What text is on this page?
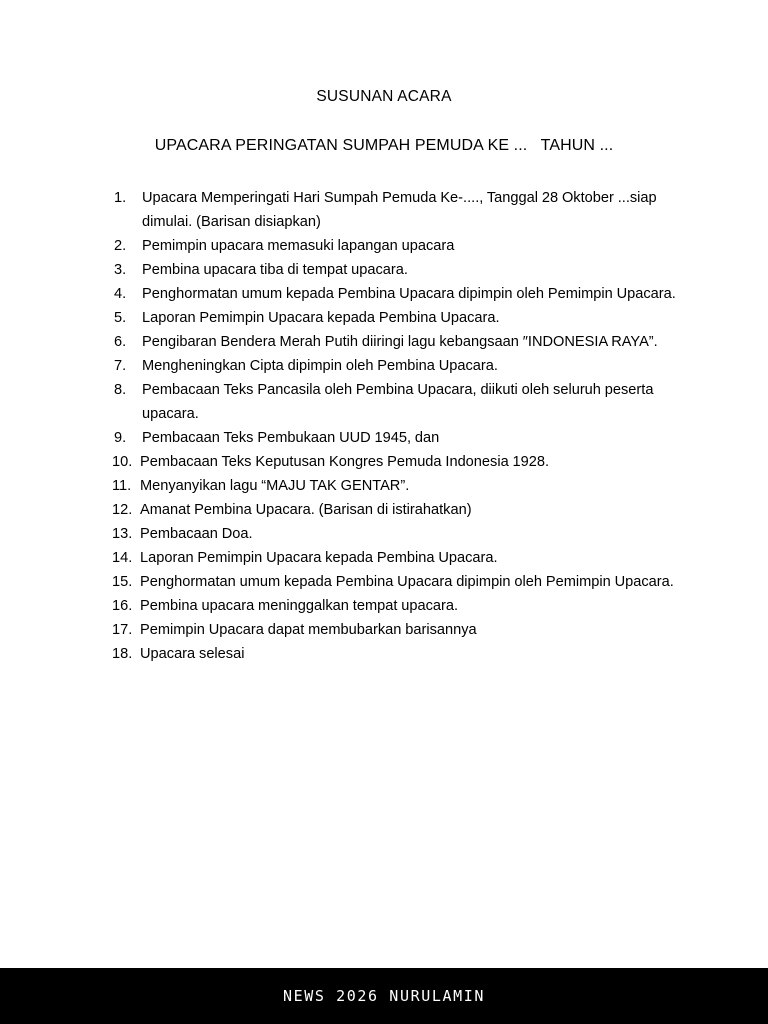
SUSUNAN ACARA
UPACARA PERINGATAN SUMPAH PEMUDA KE ...   TAHUN ...
1.	Upacara Memperingati Hari Sumpah Pemuda Ke-...., Tanggal 28 Oktober ...siap dimulai. (Barisan disiapkan)
2.	Pemimpin upacara memasuki lapangan upacara
3.	Pembina upacara tiba di tempat upacara.
4.	Penghormatan umum kepada Pembina Upacara dipimpin oleh Pemimpin Upacara.
5.	Laporan Pemimpin Upacara kepada Pembina Upacara.
6.	Pengibaran Bendera Merah Putih diiringi lagu kebangsaan ″INDONESIA RAYA”.
7.	Mengheningkan Cipta dipimpin oleh Pembina Upacara.
8.	Pembacaan Teks Pancasila oleh Pembina Upacara, diikuti oleh seluruh peserta upacara.
9.	Pembacaan Teks Pembukaan UUD 1945, dan
10. Pembacaan Teks Keputusan Kongres Pemuda Indonesia 1928.
11. Menyanyikan lagu “MAJU TAK GENTAR”.
12. Amanat Pembina Upacara. (Barisan di istirahatkan)
13. Pembacaan Doa.
14. Laporan Pemimpin Upacara kepada Pembina Upacara.
15. Penghormatan umum kepada Pembina Upacara dipimpin oleh Pemimpin Upacara.
16. Pembina upacara meninggalkan tempat upacara.
17. Pemimpin Upacara dapat membubarkan barisannya
18. Upacara selesai
NEWS 2026 NURULAMIN
